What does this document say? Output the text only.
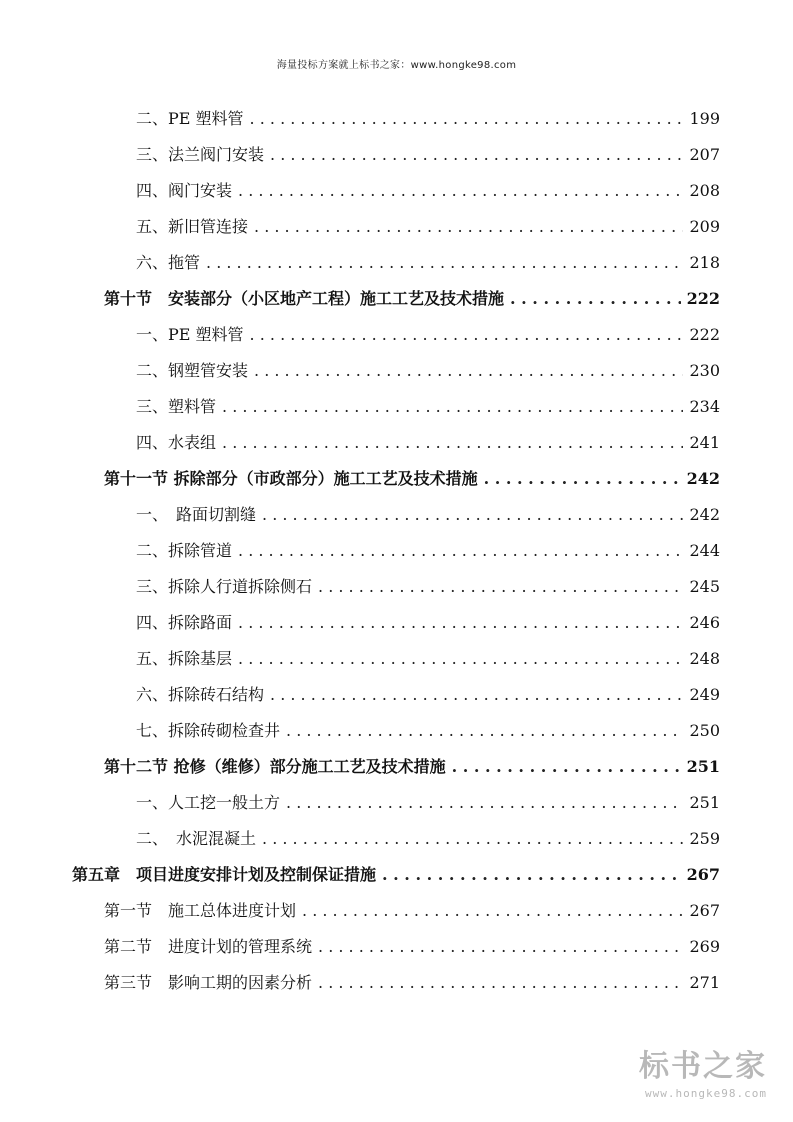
海量投标方案就上标书之家：www.hongke98.com
二、PE 塑料管 . . .	199
三、法兰阀门安装 . . .	207
四、阀门安装 . . .	208
五、新旧管连接 . . .	209
六、拖管 . . .	218
第十节　安装部分（小区地产工程）施工工艺及技术措施 . . .	222
一、PE 塑料管 . . .	222
二、钢塑管安装 . . .	230
三、塑料管 . . .	234
四、水表组 . . .	241
第十一节 拆除部分（市政部分）施工工艺及技术措施 . . .	242
一、　路面切割缝 . . .	242
二、拆除管道 . . .	244
三、拆除人行道拆除侧石 . . .	245
四、拆除路面 . . .	246
五、拆除基层 . . .	248
六、拆除砖石结构 . . .	249
七、拆除砖砌检查井 . . .	250
第十二节 抢修（维修）部分施工工艺及技术措施 . . .	251
一、人工挖一般土方 . . .	251
二、　水泥混凝土 . . .	259
第五章　项目进度安排计划及控制保证措施 . . .	267
第一节　施工总体进度计划 . . .	267
第二节　进度计划的管理系统 . . .	269
第三节　影响工期的因素分析 . . .	271
标书之家
www.hongke98.com
